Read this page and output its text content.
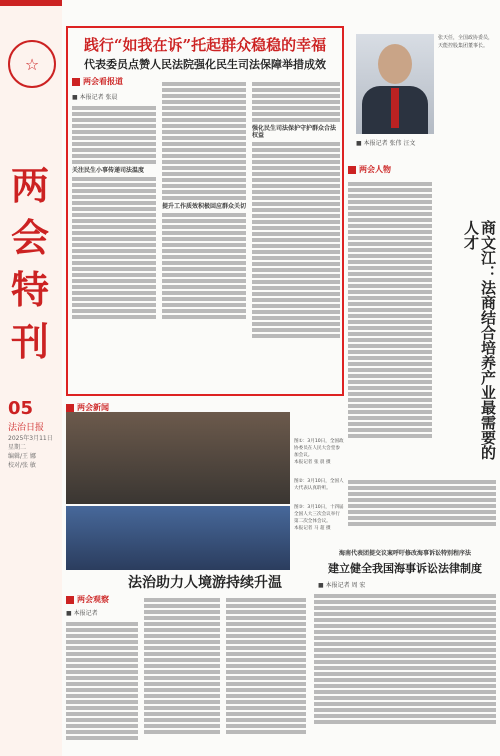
☆
两会特刊
05
法治日报
2025年3月11日
星期二
编辑/王 娜
校对/张 敏
践行“如我在诉”托起群众稳稳的幸福
代表委员点赞人民法院强化民生司法保障举措成效
两会看报道
■ 本报记者 张晨
关注民生小事传递司法温度
提升工作质效积极回应群众关切
强化民生司法保护守护群众合法权益
张天任，全国政协委员，天能控股集团董事长。
■ 本报记者 张伟 汪文
两会人物
商文江：法商结合培养产业最需要的人才
两会新闻
图①：3月10日，全国政协委员在人民大会堂参加会议。
本报记者 张 晨 摄
图②：3月10日，全国人大代表认真聆听。
图③：3月10日，十四届全国人大三次会议举行第二次全体会议。
本报记者 马 超 摄
法治助力人境游持续升温
两会观察
■ 本报记者
海南代表团提交议案呼吁修改海事诉讼特别程序法
建立健全我国海事诉讼法律制度
■ 本报记者 周 宏
